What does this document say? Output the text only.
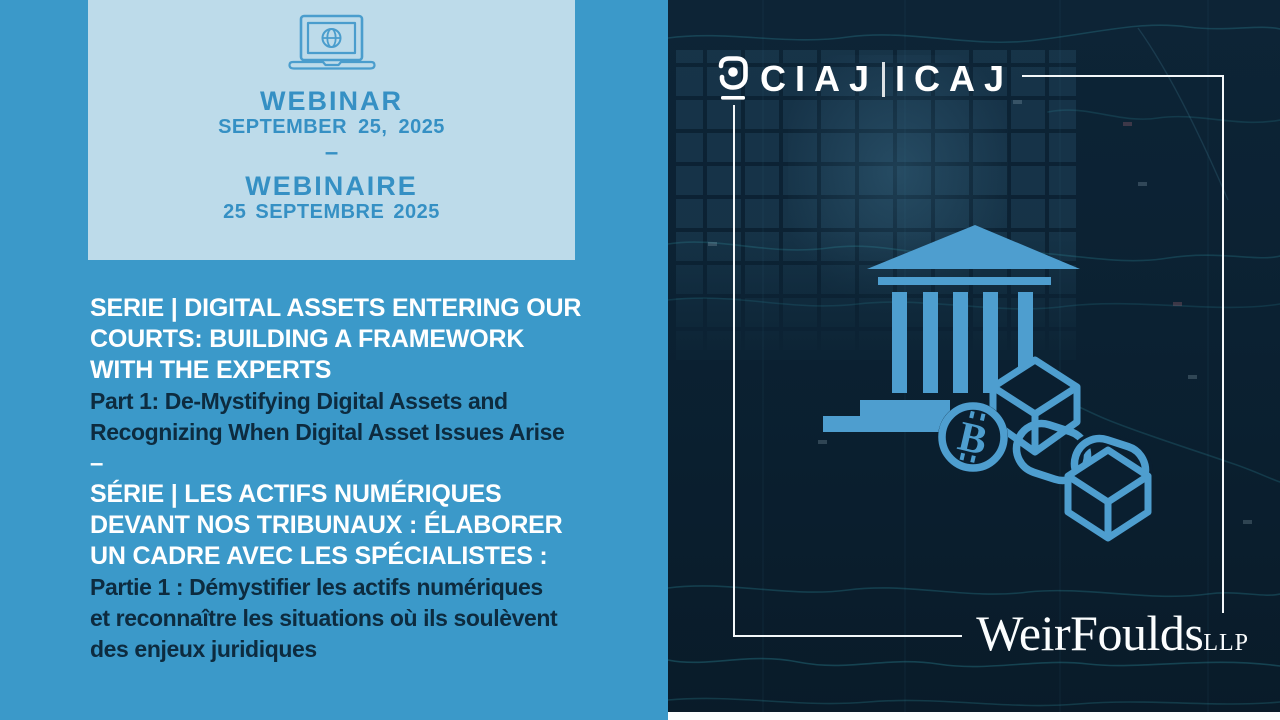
WEBINAR
SEPTEMBER 25, 2025
–
WEBINAIRE
25 SEPTEMBRE 2025
SERIE | DIGITAL ASSETS ENTERING OUR
COURTS: BUILDING A FRAMEWORK
WITH THE EXPERTS
Part 1: De-Mystifying Digital Assets and
Recognizing When Digital Asset Issues Arise
–
SÉRIE | LES ACTIFS NUMÉRIQUES
DEVANT NOS TRIBUNAUX : ÉLABORER
UN CADRE AVEC LES SPÉCIALISTES :
Partie 1 : Démystifier les actifs numériques
et reconnaître les situations où ils soulèvent
des enjeux juridiques
CIAJ ICAJ
B
WeirFouldsLLP
